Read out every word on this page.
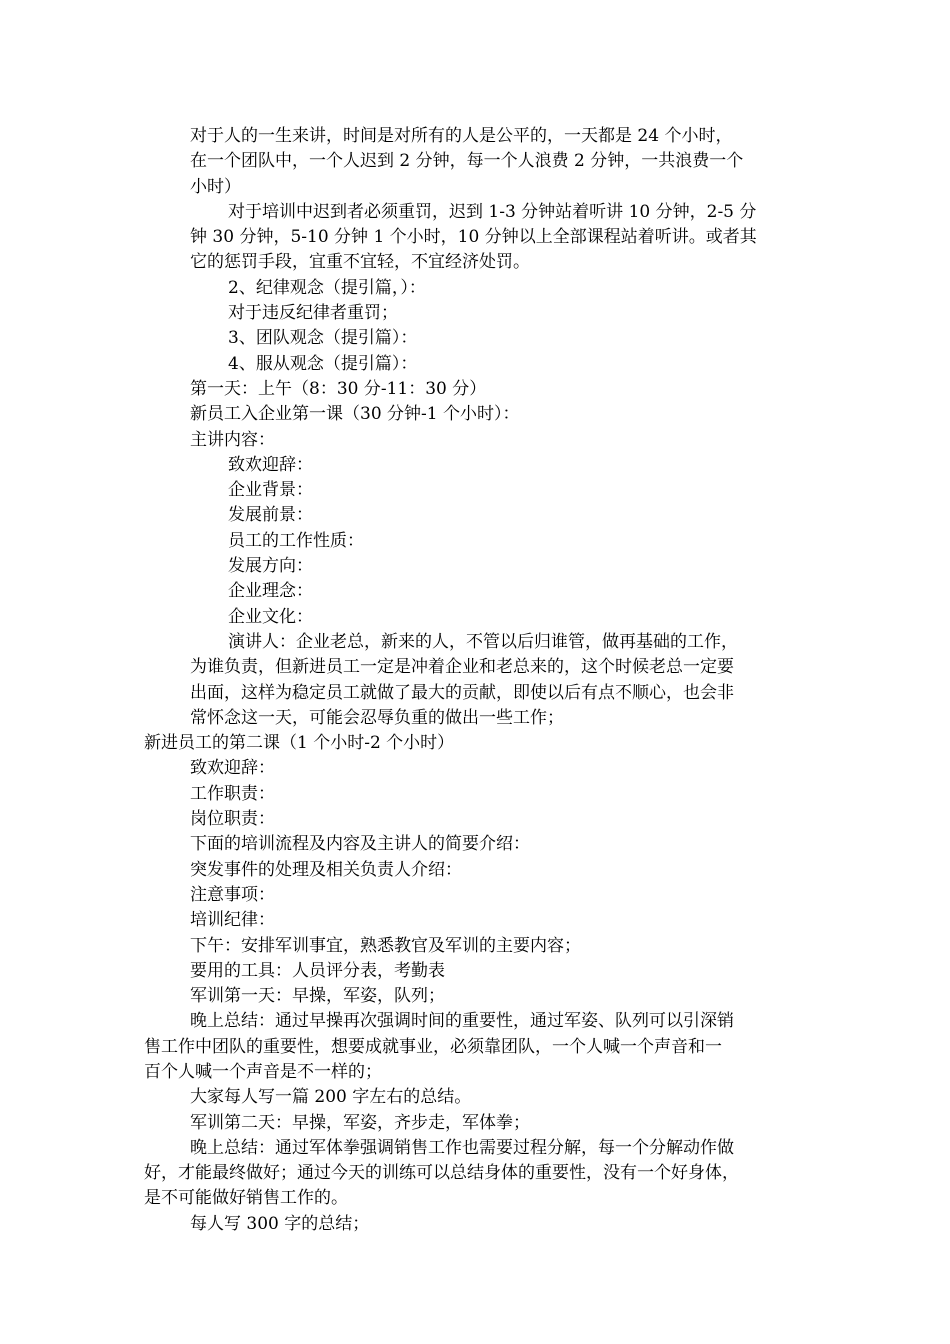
对于人的一生来讲，时间是对所有的人是公平的，一天都是 24 个小时，
在一个团队中，一个人迟到 2 分钟，每一个人浪费 2 分钟，一共浪费一个
小时）
对于培训中迟到者必须重罚，迟到 1-3 分钟站着听讲 10 分钟，2-5 分
钟 30 分钟，5-10 分钟 1 个小时，10 分钟以上全部课程站着听讲。或者其
它的惩罚手段，宜重不宜轻，不宜经济处罚。
2、纪律观念（提引篇，）：
对于违反纪律者重罚；
3、团队观念（提引篇）：
4、服从观念（提引篇）：
第一天：上午（8：30 分-11：30 分）
新员工入企业第一课（30 分钟-1 个小时）：
主讲内容：
致欢迎辞：
企业背景：
发展前景：
员工的工作性质：
发展方向：
企业理念：
企业文化：
演讲人：企业老总，新来的人，不管以后归谁管，做再基础的工作，
为谁负责，但新进员工一定是冲着企业和老总来的，这个时候老总一定要
出面，这样为稳定员工就做了最大的贡献，即使以后有点不顺心，也会非
常怀念这一天，可能会忍辱负重的做出一些工作；
新进员工的第二课（1 个小时-2 个小时）
致欢迎辞：
工作职责：
岗位职责：
下面的培训流程及内容及主讲人的简要介绍：
突发事件的处理及相关负责人介绍：
注意事项：
培训纪律：
下午：安排军训事宜，熟悉教官及军训的主要内容；
要用的工具：人员评分表，考勤表
军训第一天：早操，军姿，队列；
晚上总结：通过早操再次强调时间的重要性，通过军姿、队列可以引深销
售工作中团队的重要性，想要成就事业，必须靠团队，一个人喊一个声音和一
百个人喊一个声音是不一样的；
大家每人写一篇 200 字左右的总结。
军训第二天：早操，军姿，齐步走，军体拳；
晚上总结：通过军体拳强调销售工作也需要过程分解，每一个分解动作做
好，才能最终做好；通过今天的训练可以总结身体的重要性，没有一个好身体，
是不可能做好销售工作的。
每人写 300 字的总结；
